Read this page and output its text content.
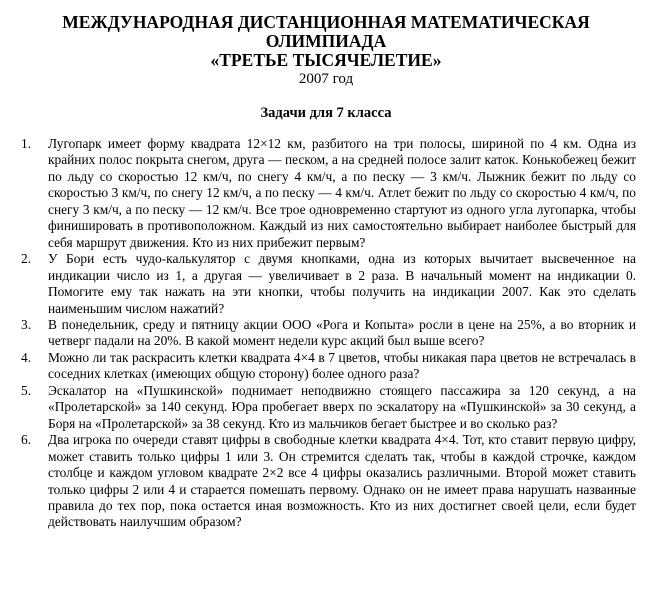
МЕЖДУНАРОДНАЯ ДИСТАНЦИОННАЯ МАТЕМАТИЧЕСКАЯ
ОЛИМПИАДА
«ТРЕТЬЕ ТЫСЯЧЕЛЕТИЕ»
2007 год
Задачи для 7 класса
1.	Лугопарк имеет форму квадрата 12×12 км, разбитого на три полосы, шириной по 4 км. Одна из крайних полос покрыта снегом, друга — песком, а на средней полосе залит каток. Конькобежец бежит по льду со скоростью 12 км/ч, по снегу 4 км/ч, а по песку — 3 км/ч. Лыжник бежит по льду со скоростью 3 км/ч, по снегу 12 км/ч, а по песку — 4 км/ч. Атлет бежит по льду со скоростью 4 км/ч, по снегу 3 км/ч, а по песку — 12 км/ч. Все трое одновременно стартуют из одного угла лугопарка, чтобы финишировать в противоположном. Каждый из них самостоятельно выбирает наиболее быстрый для себя маршрут движения. Кто из них прибежит первым?
2.	У Бори есть чудо-калькулятор с двумя кнопками, одна из которых вычитает высвеченное на индикации число из 1, а другая — увеличивает в 2 раза. В начальный момент на индикации 0. Помогите ему так нажать на эти кнопки, чтобы получить на индикации 2007. Как это сделать наименьшим числом нажатий?
3.	В понедельник, среду и пятницу акции ООО «Рога и Копыта» росли в цене на 25%, а во вторник и четверг падали на 20%. В какой момент недели курс акций был выше всего?
4.	Можно ли так раскрасить клетки квадрата 4×4 в 7 цветов, чтобы никакая пара цветов не встречалась в соседних клетках (имеющих общую сторону) более одного раза?
5.	Эскалатор на «Пушкинской» поднимает неподвижно стоящего пассажира за 120 секунд, а на «Пролетарской» за 140 секунд. Юра пробегает вверх по эскалатору на «Пушкинской» за 30 секунд, а Боря на «Пролетарской» за 38 секунд. Кто из мальчиков бегает быстрее и во сколько раз?
6.	Два игрока по очереди ставят цифры в свободные клетки квадрата 4×4. Тот, кто ставит первую цифру, может ставить только цифры 1 или 3. Он стремится сделать так, чтобы в каждой строчке, каждом столбце и каждом угловом квадрате 2×2 все 4 цифры оказались различными. Второй может ставить только цифры 2 или 4 и старается помешать первому. Однако он не имеет права нарушать названные правила до тех пор, пока остается иная возможность. Кто из них достигнет своей цели, если будет действовать наилучшим образом?
